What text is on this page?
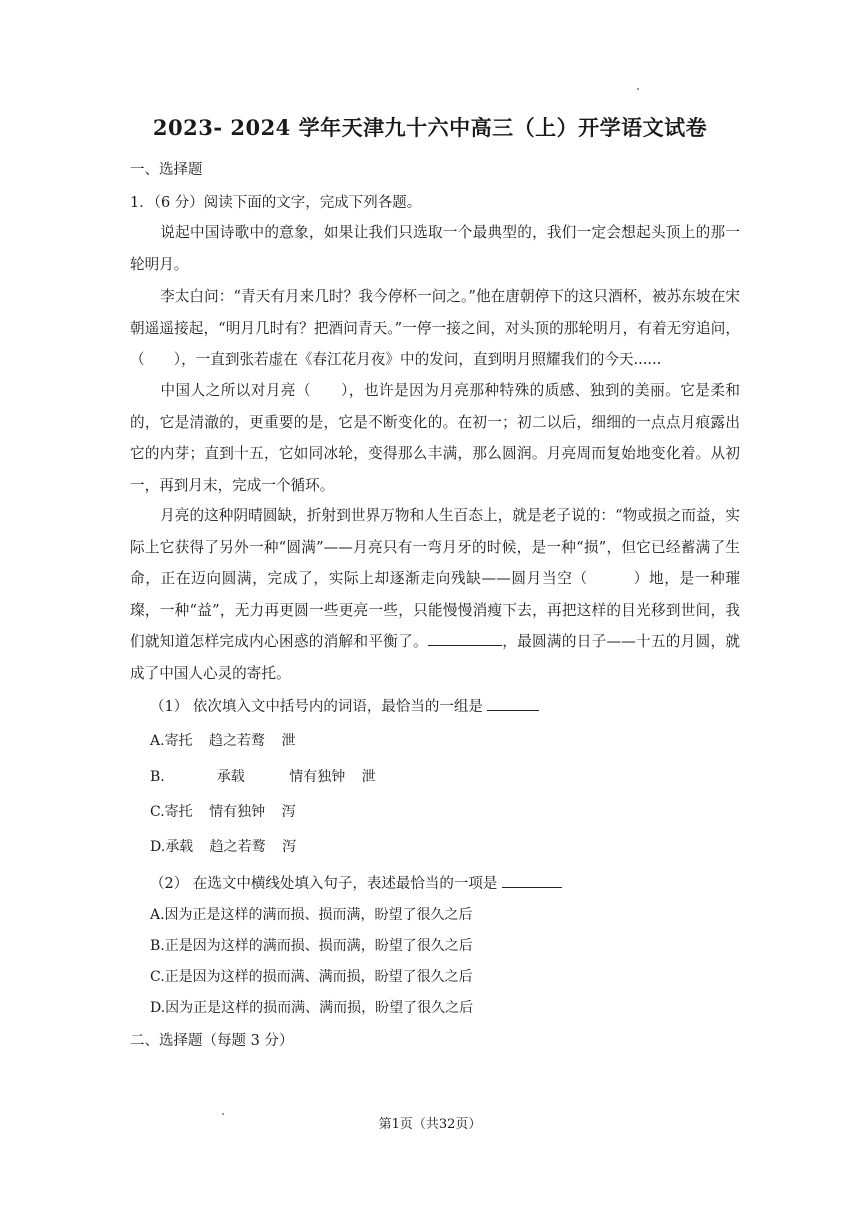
2023- 2024 学年天津九十六中高三（上）开学语文试卷
一、选择题
1．（6 分）阅读下面的文字，完成下列各题。
说起中国诗歌中的意象，如果让我们只选取一个最典型的，我们一定会想起头顶上的那一轮明月。
李太白问：“青天有月来几时？我今停杯一问之。”他在唐朝停下的这只酒杯，被苏东坡在宋朝遥遥接起，“明月几时有？把酒问青天。”一停一接之间，对头顶的那轮明月，有着无穷追问，（　　），一直到张若虚在《春江花月夜》中的发问，直到明月照耀我们的今天......
中国人之所以对月亮（　　），也许是因为月亮那种特殊的质感、独到的美丽。它是柔和的，它是清澈的，更重要的是，它是不断变化的。在初一；初二以后，细细的一点点月痕露出它的内芽；直到十五，它如同冰轮，变得那么丰满，那么圆润。月亮周而复始地变化着。从初一，再到月末，完成一个循环。
月亮的这种阴晴圆缺，折射到世界万物和人生百态上，就是老子说的：“物或损之而益，实际上它获得了另外一种“圆满”——月亮只有一弯月牙的时候，是一种“损”，但它已经蓄满了生命，正在迈向圆满，完成了，实际上却逐渐走向残缺——圆月当空（　　　）地，是一种璀璨，一种“益”，无力再更圆一些更亮一些，只能慢慢消瘦下去，再把这样的目光移到世间，我们就知道怎样完成内心困惑的消解和平衡了。	，最圆满的日子——十五的月圆，就成了中国人心灵的寄托。
（1） 依次填入文中括号内的词语，最恰当的一组是
A.寄托 趋之若鹜 泄
B.	承载	情有独钟 泄
C.寄托 情有独钟 泻
D.承载 趋之若鹜 泻
（2） 在选文中横线处填入句子，表述最恰当的一项是
A.因为正是这样的满而损、损而满，盼望了很久之后
B.正是因为这样的满而损、损而满，盼望了很久之后
C.正是因为这样的损而满、满而损，盼望了很久之后
D.因为正是这样的损而满、满而损，盼望了很久之后
二、选择题（每题 3 分）
第1页（共32页）
